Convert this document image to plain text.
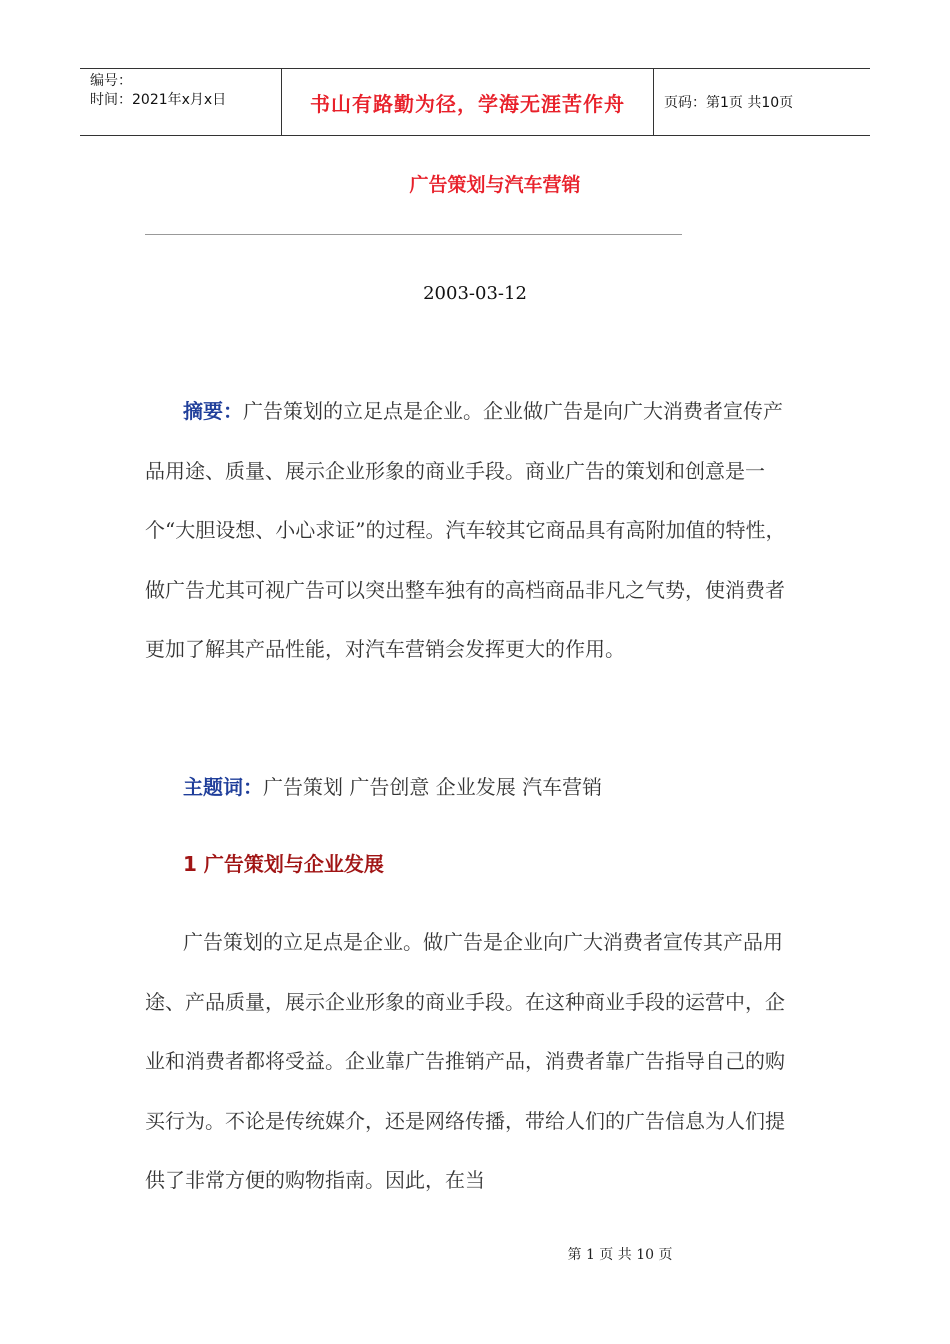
编号：
时间：2021年x月x日	书山有路勤为径，学海无涯苦作舟	页码：第1页 共10页
广告策划与汽车营销
2003-03-12

摘要：广告策划的立足点是企业。企业做广告是向广大消费者宣传产品用途、质量、展示企业形象的商业手段。商业广告的策划和创意是一个“大胆设想、小心求证”的过程。汽车较其它商品具有高附加值的特性，做广告尤其可视广告可以突出整车独有的高档商品非凡之气势，使消费者更加了解其产品性能，对汽车营销会发挥更大的作用。

主题词：广告策划 广告创意 企业发展 汽车营销

1 广告策划与企业发展

广告策划的立足点是企业。做广告是企业向广大消费者宣传其产品用途、产品质量，展示企业形象的商业手段。在这种商业手段的运营中，企业和消费者都将受益。企业靠广告推销产品，消费者靠广告指导自己的购买行为。不论是传统媒介，还是网络传播，带给人们的广告信息为人们提供了非常方便的购物指南。因此，在当

第 1 页 共 10 页
